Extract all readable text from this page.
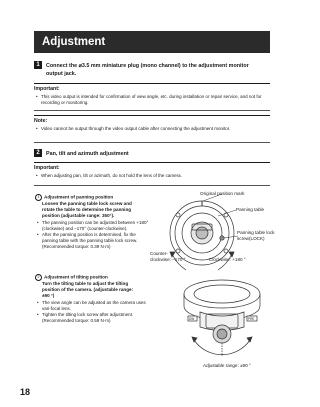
Adjustment
1 Connect the ⌀3.5 mm miniature plug (mono channel) to the adjustment monitor
output jack.
Important:
• This video output is intended for confirmation of view angle, etc. during installation or repair service, and not for recording or monitoring.
Note:
• Video cannot be output through the video output cable after connecting the adjustment monitor.
2 Pan, tilt and azimuth adjustment
Important:
• When adjusting pan, tilt or azimuth, do not hold the lens of the camera.
1 Adjustment of panning position
Loosen the panning table lock screw and
rotate the table to determine the panning
position (adjustable range: 350°).
• The panning position can be adjusted between +180° (clockwise) and –170° (counter-clockwise).
• After the panning position is determined, fix the panning table with the panning table lock screw.
(Recommended torque: 0.39 N·m)
2 Adjustment of tilting position
Turn the tilting table to adjust the tilting
position of the camera. (adjustable range:
±90 °)
• The view angle can be adjusted as the camera uses vari-focal lens.
• Tighten the tilting lock screw after adjustment.
(Recommended torque: 0.59 N·m)
Original position mark
Panning table
Panning table lock
screw(LOCK)
Counter-
clockwise: –170 °	Clockwise: +180 °
DW	PRE
Adjustable range: ±90 °
18
